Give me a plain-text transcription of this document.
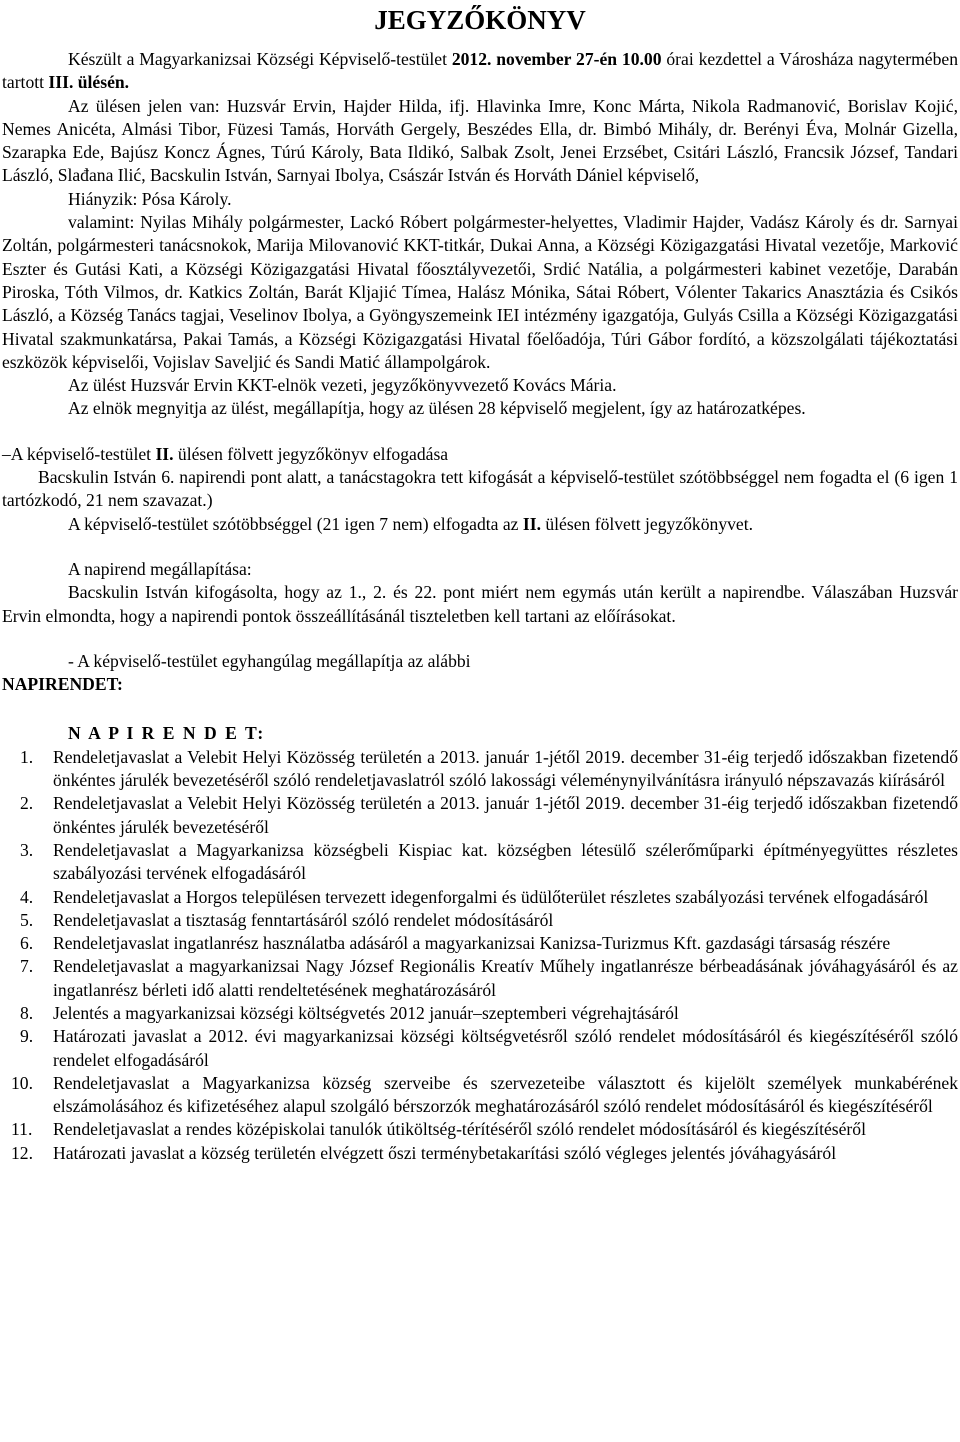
JEGYZŐKÖNYV

Készült a Magyarkanizsai Községi Képviselő-testület 2012. november 27-én 10.00 órai kezdettel a Városháza nagytermében tartott III. ülésén.

Az ülésen jelen van: Huzsvár Ervin, Hajder Hilda, ifj. Hlavinka Imre, Konc Márta, Nikola Radmanović, Borislav Kojić, Nemes Anicéta, Almási Tibor, Füzesi Tamás, Horváth Gergely, Beszédes Ella, dr. Bimbó Mihály, dr. Berényi Éva, Molnár Gizella, Szarapka Ede, Bajúsz Koncz Ágnes, Túrú Károly, Bata Ildikó, Salbak Zsolt, Jenei Erzsébet, Csitári László, Francsik József, Tandari László, Slađana Ilić, Bacskulin István, Sarnyai Ibolya, Császár István és Horváth Dániel képviselő,

Hiányzik: Pósa Károly.

valamint: Nyilas Mihály polgármester, Lackó Róbert polgármester-helyettes, Vladimir Hajder, Vadász Károly és dr. Sarnyai Zoltán, polgármesteri tanácsnokok, Marija Milovanović KKT-titkár, Dukai Anna, a Községi Közigazgatási Hivatal vezetője, Marković Eszter és Gutási Kati, a Községi Közigazgatási Hivatal főosztályvezetői, Srdić Natália, a polgármesteri kabinet vezetője, Darabán Piroska, Tóth Vilmos, dr. Katkics Zoltán, Barát Kljajić Tímea, Halász Mónika, Sátai Róbert, Vólenter Takarics Anasztázia és Csikós László, a Község Tanács tagjai, Veselinov Ibolya, a Gyöngyszemeink IEI intézmény igazgatója, Gulyás Csilla a Községi Közigazgatási Hivatal szakmunkatársa, Pakai Tamás, a Községi Közigazgatási Hivatal főelőadója, Túri Gábor fordító, a közszolgálati tájékoztatási eszközök képviselői, Vojislav Saveljić és Sandi Matić állampolgárok.

Az ülést Huzsvár Ervin KKT-elnök vezeti, jegyzőkönyvvezető Kovács Mária.

Az elnök megnyitja az ülést, megállapítja, hogy az ülésen 28 képviselő megjelent, így az határozatképes.

–A képviselő-testület II. ülésen fölvett jegyzőkönyv elfogadása

Bacskulin István 6. napirendi pont alatt, a tanácstagokra tett kifogását a képviselő-testület szótöbbséggel nem fogadta el (6 igen 1 tartózkodó, 21 nem szavazat.)

A képviselő-testület szótöbbséggel (21 igen 7 nem) elfogadta az II. ülésen fölvett jegyzőkönyvet.

A napirend megállapítása:

Bacskulin István kifogásolta, hogy az 1., 2. és 22. pont miért nem egymás után került a napirendbe. Válaszában Huzsvár Ervin elmondta, hogy a napirendi pontok összeállításánál tiszteletben kell tartani az előírásokat.

- A képviselő-testület egyhangúlag megállapítja az alábbi

NAPIRENDET:

N A P I R E N D E T:

1. Rendeletjavaslat a Velebit Helyi Közösség területén a 2013. január 1-jétől 2019. december 31-éig terjedő időszakban fizetendő önkéntes járulék bevezetéséről szóló rendeletjavaslatról szóló lakossági véleménynyilvánításra irányuló népszavazás kiírásáról
2. Rendeletjavaslat a Velebit Helyi Közösség területén a 2013. január 1-jétől 2019. december 31-éig terjedő időszakban fizetendő önkéntes járulék bevezetéséről
3. Rendeletjavaslat a Magyarkanizsa községbeli Kispiac kat. községben létesülő szélerőműparki építményegyüttes részletes szabályozási tervének elfogadásáról
4. Rendeletjavaslat a Horgos településen tervezett idegenforgalmi és üdülőterület részletes szabályozási tervének elfogadásáról
5. Rendeletjavaslat a tisztaság fenntartásáról szóló rendelet módosításáról
6. Rendeletjavaslat ingatlanrész használatba adásáról a magyarkanizsai Kanizsa-Turizmus Kft. gazdasági társaság részére
7. Rendeletjavaslat a magyarkanizsai Nagy József Regionális Kreatív Műhely ingatlanrésze bérbeadásának jóváhagyásáról és az ingatlanrész bérleti idő alatti rendeltetésének meghatározásáról
8. Jelentés a magyarkanizsai községi költségvetés 2012 január–szeptemberi végrehajtásáról
9. Határozati javaslat a 2012. évi magyarkanizsai községi költségvetésről szóló rendelet módosításáról és kiegészítéséről szóló rendelet elfogadásáról
10. Rendeletjavaslat a Magyarkanizsa község szerveibe és szervezeteibe választott és kijelölt személyek munkabérének elszámolásához és kifizetéséhez alapul szolgáló bérszorzók meghatározásáról szóló rendelet módosításáról és kiegészítéséről
11. Rendeletjavaslat a rendes középiskolai tanulók útiköltség-térítéséről szóló rendelet módosításáról és kiegészítéséről
12. Határozati javaslat a község területén elvégzett őszi terménybetakarítási szóló végleges jelentés jóváhagyásáról
